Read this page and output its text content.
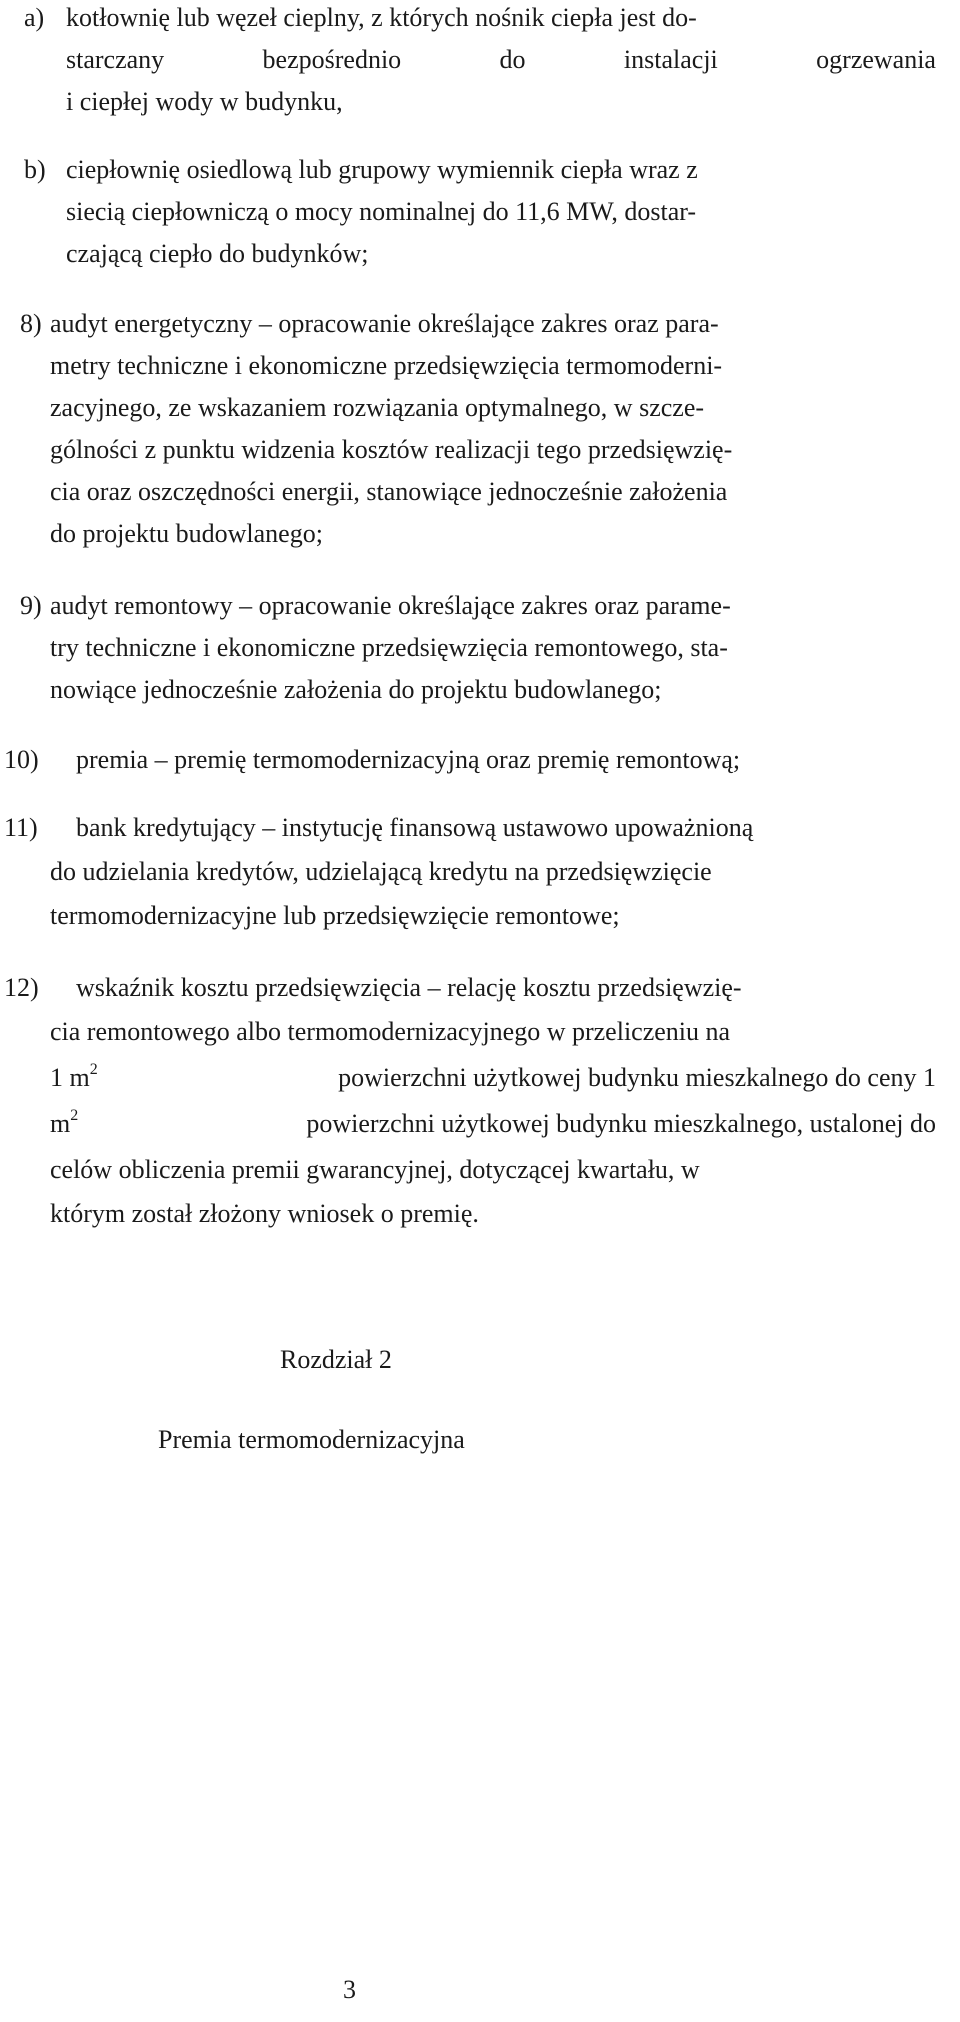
a) kotłownię lub węzeł cieplny, z których nośnik ciepła jest do-
starczany	bezpośrednio	do	instalacji	ogrzewania
i ciepłej wody w budynku,
b) ciepłownię osiedlową lub grupowy wymiennik ciepła wraz z
siecią ciepłowniczą o mocy nominalnej do 11,6 MW, dostar-
czającą ciepło do budynków;
8) audyt energetyczny – opracowanie określające zakres oraz para-
metry techniczne i ekonomiczne przedsięwzięcia termomoderni-
zacyjnego, ze wskazaniem rozwiązania optymalnego, w szcze-
gólności z punktu widzenia kosztów realizacji tego przedsięwzię-
cia oraz oszczędności energii, stanowiące jednocześnie założenia
do projektu budowlanego;
9) audyt remontowy – opracowanie określające zakres oraz parame-
try techniczne i ekonomiczne przedsięwzięcia remontowego, sta-
nowiące jednocześnie założenia do projektu budowlanego;
10) premia – premię termomodernizacyjną oraz premię remontową;
11) bank kredytujący – instytucję finansową ustawowo upoważnioną
do udzielania kredytów, udzielającą kredytu na przedsięwzięcie
termomodernizacyjne lub przedsięwzięcie remontowe;
12) wskaźnik kosztu przedsięwzięcia – relację kosztu przedsięwzię-
cia remontowego albo termomodernizacyjnego w przeliczeniu na
1 $m^2$	powierzchni użytkowej budynku mieszkalnego do ceny 1
$m^2$	powierzchni użytkowej budynku mieszkalnego, ustalonej do
celów obliczenia premii gwarancyjnej, dotyczącej kwartału, w
którym został złożony wniosek o premię.
Rozdział 2
Premia termomodernizacyjna
3
